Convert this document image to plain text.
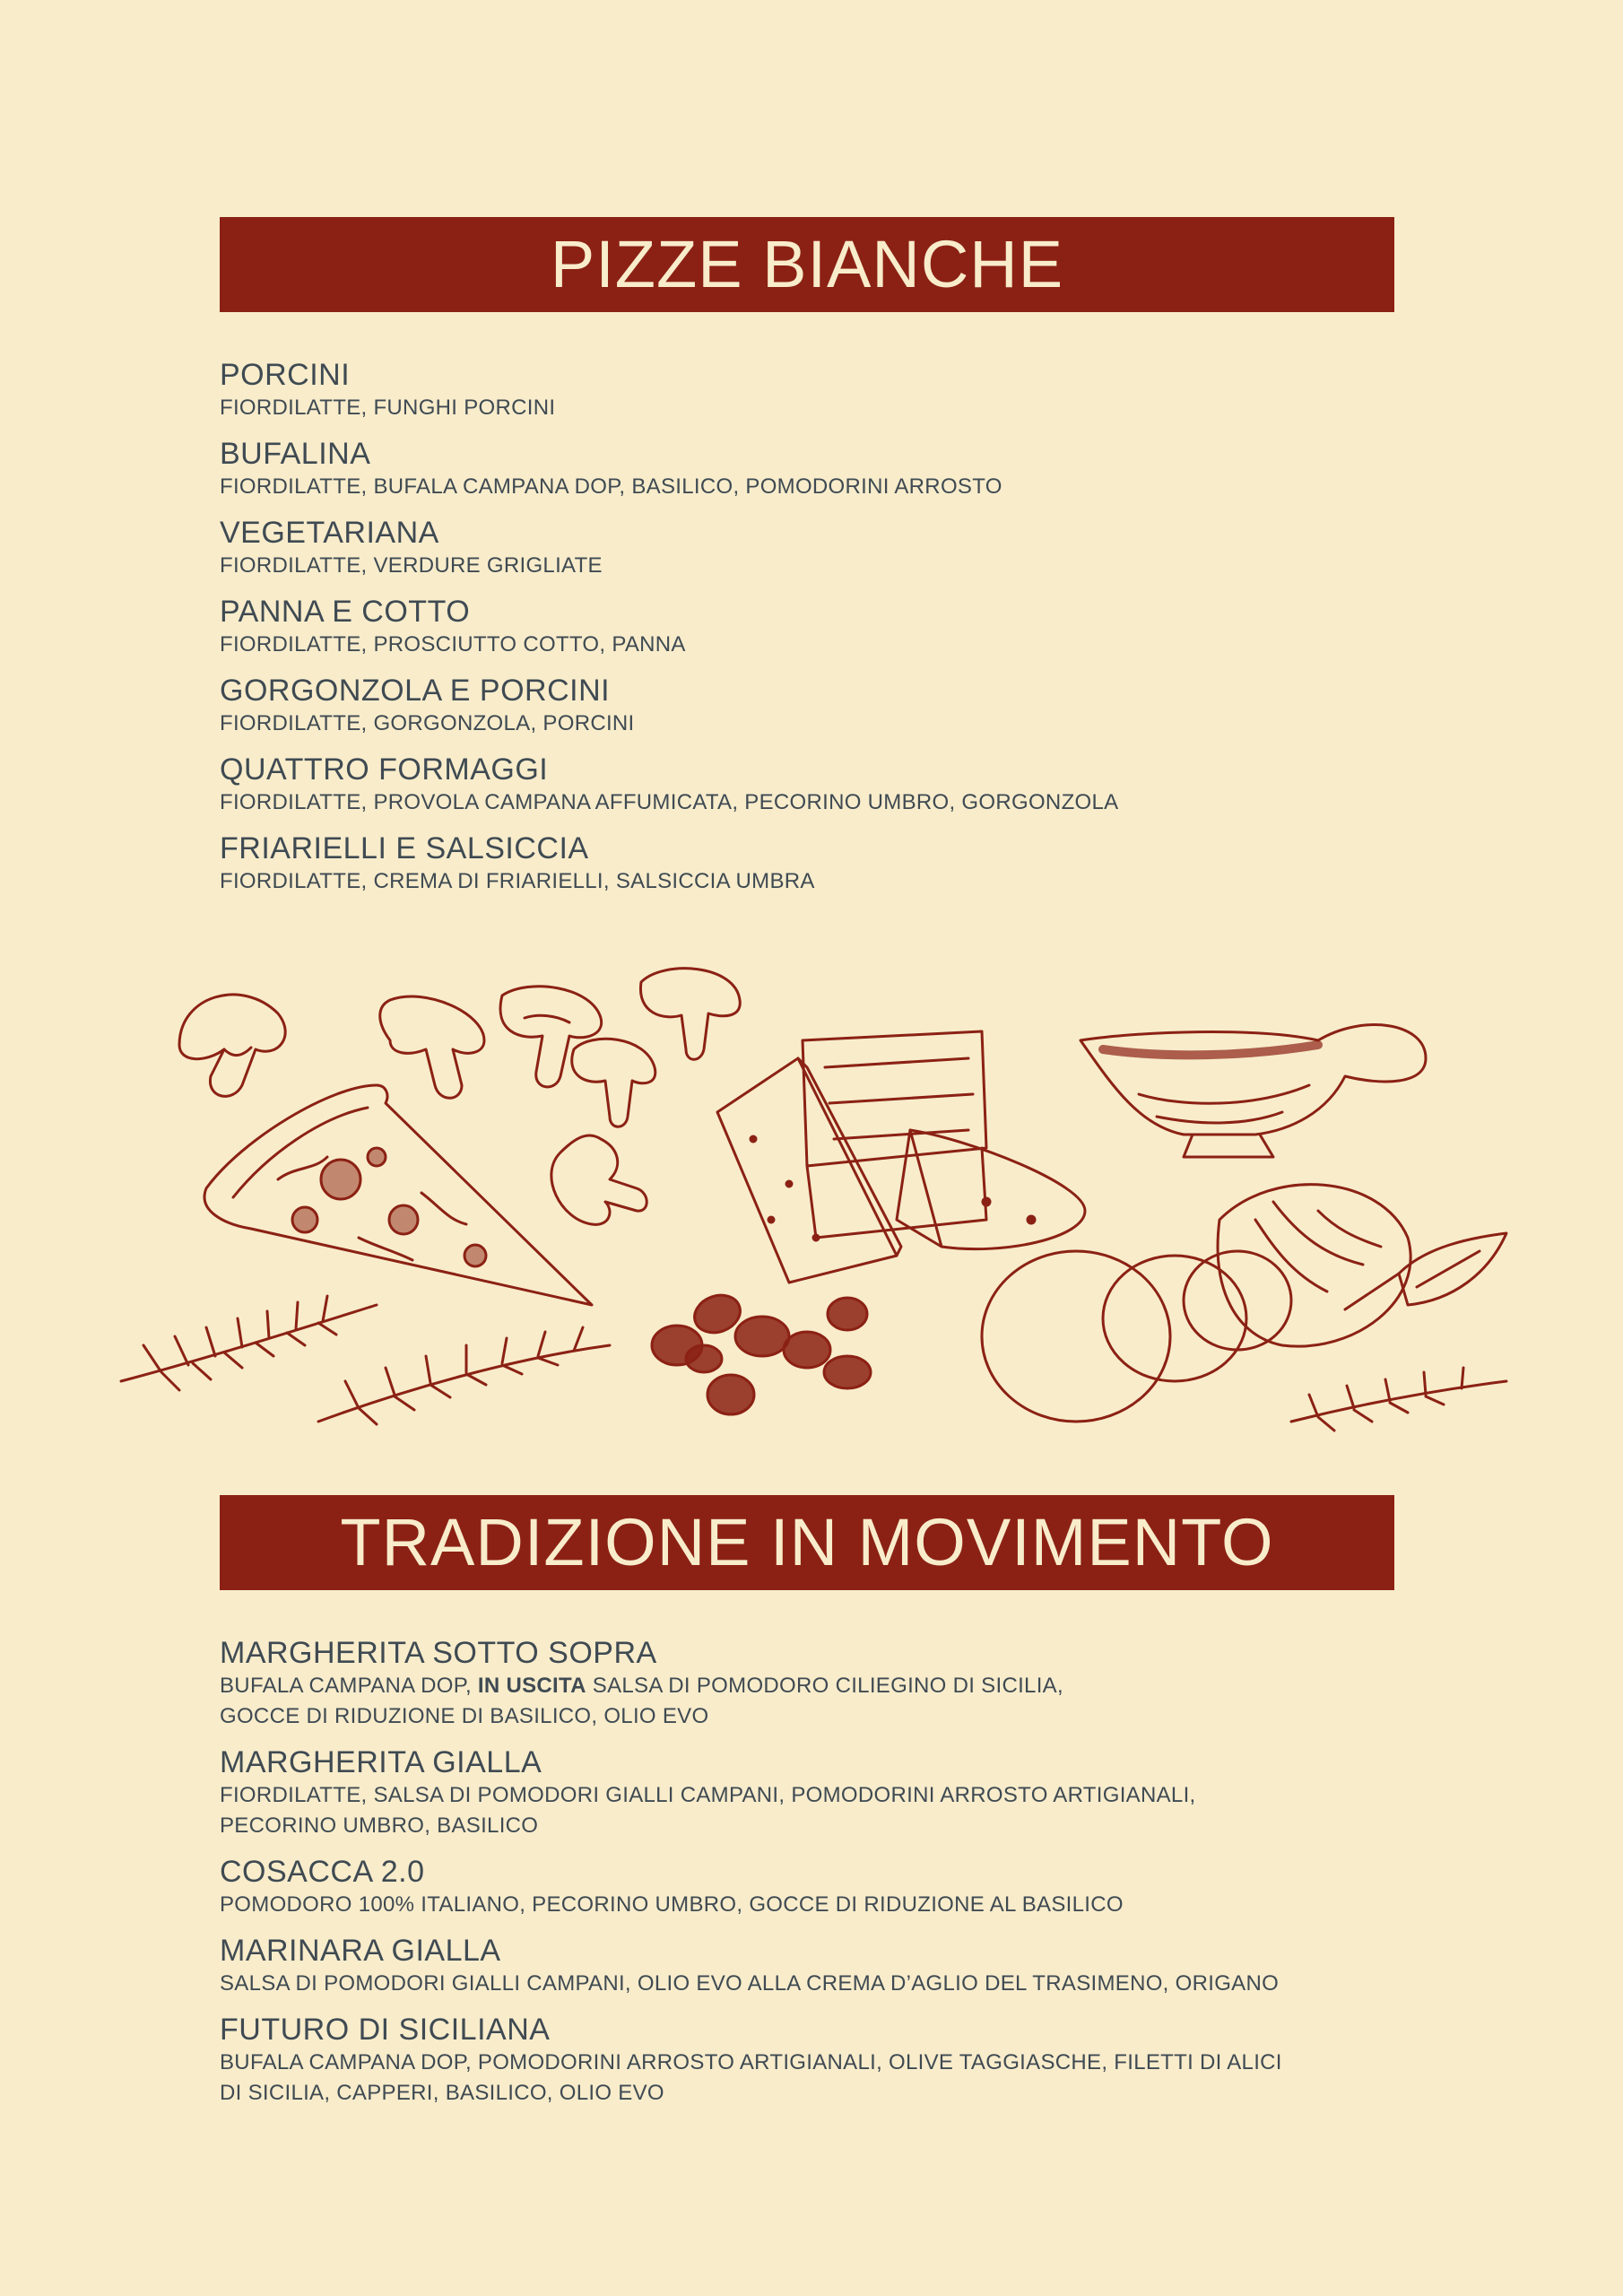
PIZZE BIANCHE
PORCINI
FIORDILATTE, FUNGHI PORCINI
BUFALINA
FIORDILATTE, BUFALA CAMPANA DOP, BASILICO, POMODORINI ARROSTO
VEGETARIANA
FIORDILATTE, VERDURE GRIGLIATE
PANNA E COTTO
FIORDILATTE, PROSCIUTTO COTTO, PANNA
GORGONZOLA E PORCINI
FIORDILATTE, GORGONZOLA, PORCINI
QUATTRO FORMAGGI
FIORDILATTE, PROVOLA CAMPANA AFFUMICATA, PECORINO UMBRO, GORGONZOLA
FRIARIELLI E SALSICCIA
FIORDILATTE, CREMA DI FRIARIELLI, SALSICCIA UMBRA
TRADIZIONE IN MOVIMENTO
MARGHERITA SOTTO SOPRA
BUFALA CAMPANA DOP, IN USCITA SALSA DI POMODORO CILIEGINO DI SICILIA,
GOCCE DI RIDUZIONE DI BASILICO, OLIO EVO
MARGHERITA GIALLA
FIORDILATTE, SALSA DI POMODORI GIALLI CAMPANI, POMODORINI ARROSTO ARTIGIANALI,
PECORINO UMBRO, BASILICO
COSACCA 2.0
POMODORO 100% ITALIANO, PECORINO UMBRO, GOCCE DI RIDUZIONE AL BASILICO
MARINARA GIALLA
SALSA DI POMODORI GIALLI CAMPANI, OLIO EVO ALLA CREMA D’AGLIO DEL TRASIMENO, ORIGANO
FUTURO DI SICILIANA
BUFALA CAMPANA DOP, POMODORINI ARROSTO ARTIGIANALI, OLIVE TAGGIASCHE, FILETTI DI ALICI
DI SICILIA, CAPPERI, BASILICO, OLIO EVO
